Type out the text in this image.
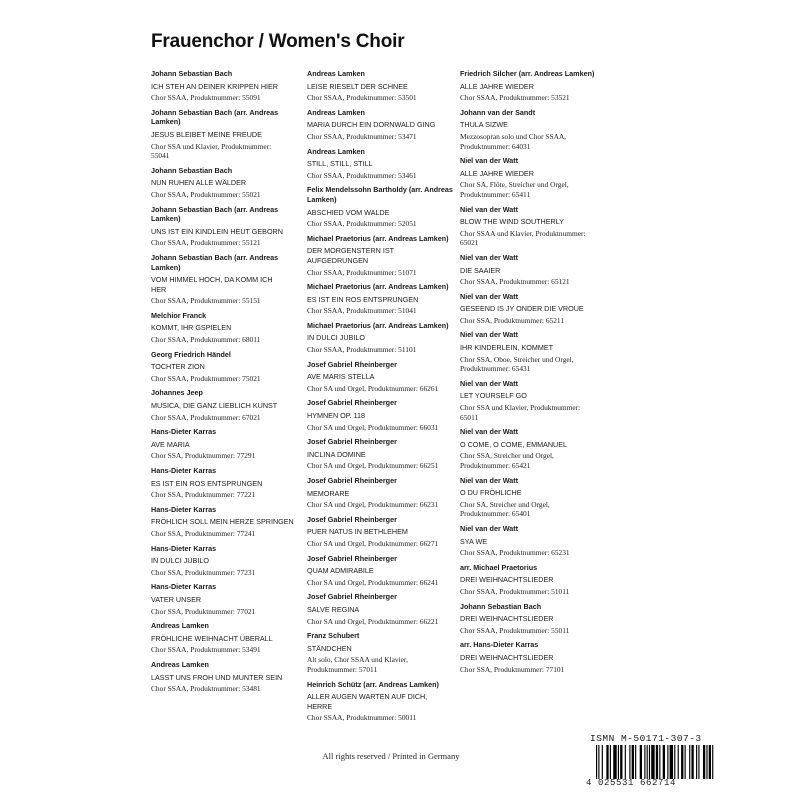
Frauenchor / Women's Choir
Johann Sebastian Bach
ICH STEH AN DEINER KRIPPEN HIER
Chor SSAA, Produktnummer: 55091
Johann Sebastian Bach (arr. Andreas
Lamken)
JESUS BLEIBET MEINE FREUDE
Chor SSA und Klavier, Produktnummer:
55041
Johann Sebastian Bach
NUN RUHEN ALLE WÄLDER
Chor SSAA, Produktnummer: 55021
Johann Sebastian Bach (arr. Andreas
Lamken)
UNS IST EIN KINDLEIN HEUT GEBORN
Chor SSAA, Produktnummer: 55121
Johann Sebastian Bach (arr. Andreas
Lamken)
VOM HIMMEL HOCH, DA KOMM ICH
HER
Chor SSAA, Produktnummer: 55151
Melchior Franck
KOMMT, IHR GSPIELEN
Chor SSAA, Produktnummer: 68011
Georg Friedrich Händel
TOCHTER ZION
Chor SSAA, Produktnummer: 75021
Johannes Jeep
MUSICA, DIE GANZ LIEBLICH KUNST
Chor SSAA, Produktnummer: 67021
Hans-Dieter Karras
AVE MARIA
Chor SSA, Produktnummer: 77291
Hans-Dieter Karras
ES IST EIN ROS ENTSPRUNGEN
Chor SSA, Produktnummer: 77221
Hans-Dieter Karras
FRÖHLICH SOLL MEIN HERZE SPRINGEN
Chor SSA, Produktnummer: 77241
Hans-Dieter Karras
IN DULCI JUBILO
Chor SSA, Produktnummer: 77231
Hans-Dieter Karras
VATER UNSER
Chor SSA, Produktnummer: 77021
Andreas Lamken
FRÖHLICHE WEIHNACHT ÜBERALL
Chor SSAA, Produktnummer: 53491
Andreas Lamken
LASST UNS FROH UND MUNTER SEIN
Chor SSAA, Produktnummer: 53481
Andreas Lamken
LEISE RIESELT DER SCHNEE
Chor SSAA, Produktnummer: 53501
Andreas Lamken
MARIA DURCH EIN DORNWALD GING
Chor SSAA, Produktnummer: 53471
Andreas Lamken
STILL, STILL, STILL
Chor SSAA, Produktnummer: 53461
Felix Mendelssohn Bartholdy (arr. Andreas
Lamken)
ABSCHIED VOM WALDE
Chor SSAA, Produktnummer: 52051
Michael Praetorius (arr. Andreas Lamken)
DER MORGENSTERN IST
AUFGEDRUNGEN
Chor SSAA, Produktnummer: 51071
Michael Praetorius (arr. Andreas Lamken)
ES IST EIN ROS ENTSPRUNGEN
Chor SSAA, Produktnummer: 51041
Michael Praetorius (arr. Andreas Lamken)
IN DULCI JUBILO
Chor SSAA, Produktnummer: 51101
Josef Gabriel Rheinberger
AVE MARIS STELLA
Chor SA und Orgel, Produktnummer: 66261
Josef Gabriel Rheinberger
HYMNEN OP. 118
Chor SA und Orgel, Produktnummer: 66031
Josef Gabriel Rheinberger
INCLINA DOMINE
Chor SA und Orgel, Produktnummer: 66251
Josef Gabriel Rheinberger
MEMORARE
Chor SA und Orgel, Produktnummer: 66231
Josef Gabriel Rheinberger
PUER NATUS IN BETHLEHEM
Chor SA und Orgel, Produktnummer: 66271
Josef Gabriel Rheinberger
QUAM ADMIRABILE
Chor SA und Orgel, Produktnummer: 66241
Josef Gabriel Rheinberger
SALVE REGINA
Chor SA und Orgel, Produktnummer: 66221
Franz Schubert
STÄNDCHEN
Alt solo, Chor SSAA und Klavier,
Produktnummer: 57011
Heinrich Schütz (arr. Andreas Lamken)
ALLER AUGEN WARTEN AUF DICH,
HERRE
Chor SSAA, Produktnummer: 50011
Friedrich Silcher (arr. Andreas Lamken)
ALLE JAHRE WIEDER
Chor SSAA, Produktnummer: 53521
Johann van der Sandt
THULA SIZWE
Mezzosopran solo und Chor SSAA,
Produktnummer: 64031
Niel van der Watt
ALLE JAHRE WIEDER
Chor SA, Flöte, Streicher und Orgel,
Produktnummer: 65411
Niel van der Watt
BLOW THE WIND SOUTHERLY
Chor SSAA und Klavier, Produktnummer:
65021
Niel van der Watt
DIE SAAIER
Chor SSAA, Produktnummer: 65121
Niel van der Watt
GESEEND IS JY ONDER DIE VROUE
Chor SSA, Produktnummer: 65211
Niel van der Watt
IHR KINDERLEIN, KOMMET
Chor SSA, Oboe, Streicher und Orgel,
Produktnummer: 65431
Niel van der Watt
LET YOURSELF GO
Chor SSA und Klavier, Produktnummer:
65011
Niel van der Watt
O COME, O COME, EMMANUEL
Chor SSA, Streicher und Orgel,
Produktnummer: 65421
Niel van der Watt
O DU FRÖHLICHE
Chor SA, Streicher und Orgel,
Produktnummer: 65401
Niel van der Watt
SYA WE
Chor SSAA, Produktnummer: 65231
arr. Michael Praetorius
DREI WEIHNACHTSLIEDER
Chor SSAA, Produktnummer: 51011
Johann Sebastian Bach
DREI WEIHNACHTSLIEDER
Chor SSAA, Produktnummer: 55011
arr. Hans-Dieter Karras
DREI WEIHNACHTSLIEDER
Chor SSA, Produktnummer: 77101
ISMN M-50171-307-3
4 025531 662714
All rights reserved / Printed in Germany
